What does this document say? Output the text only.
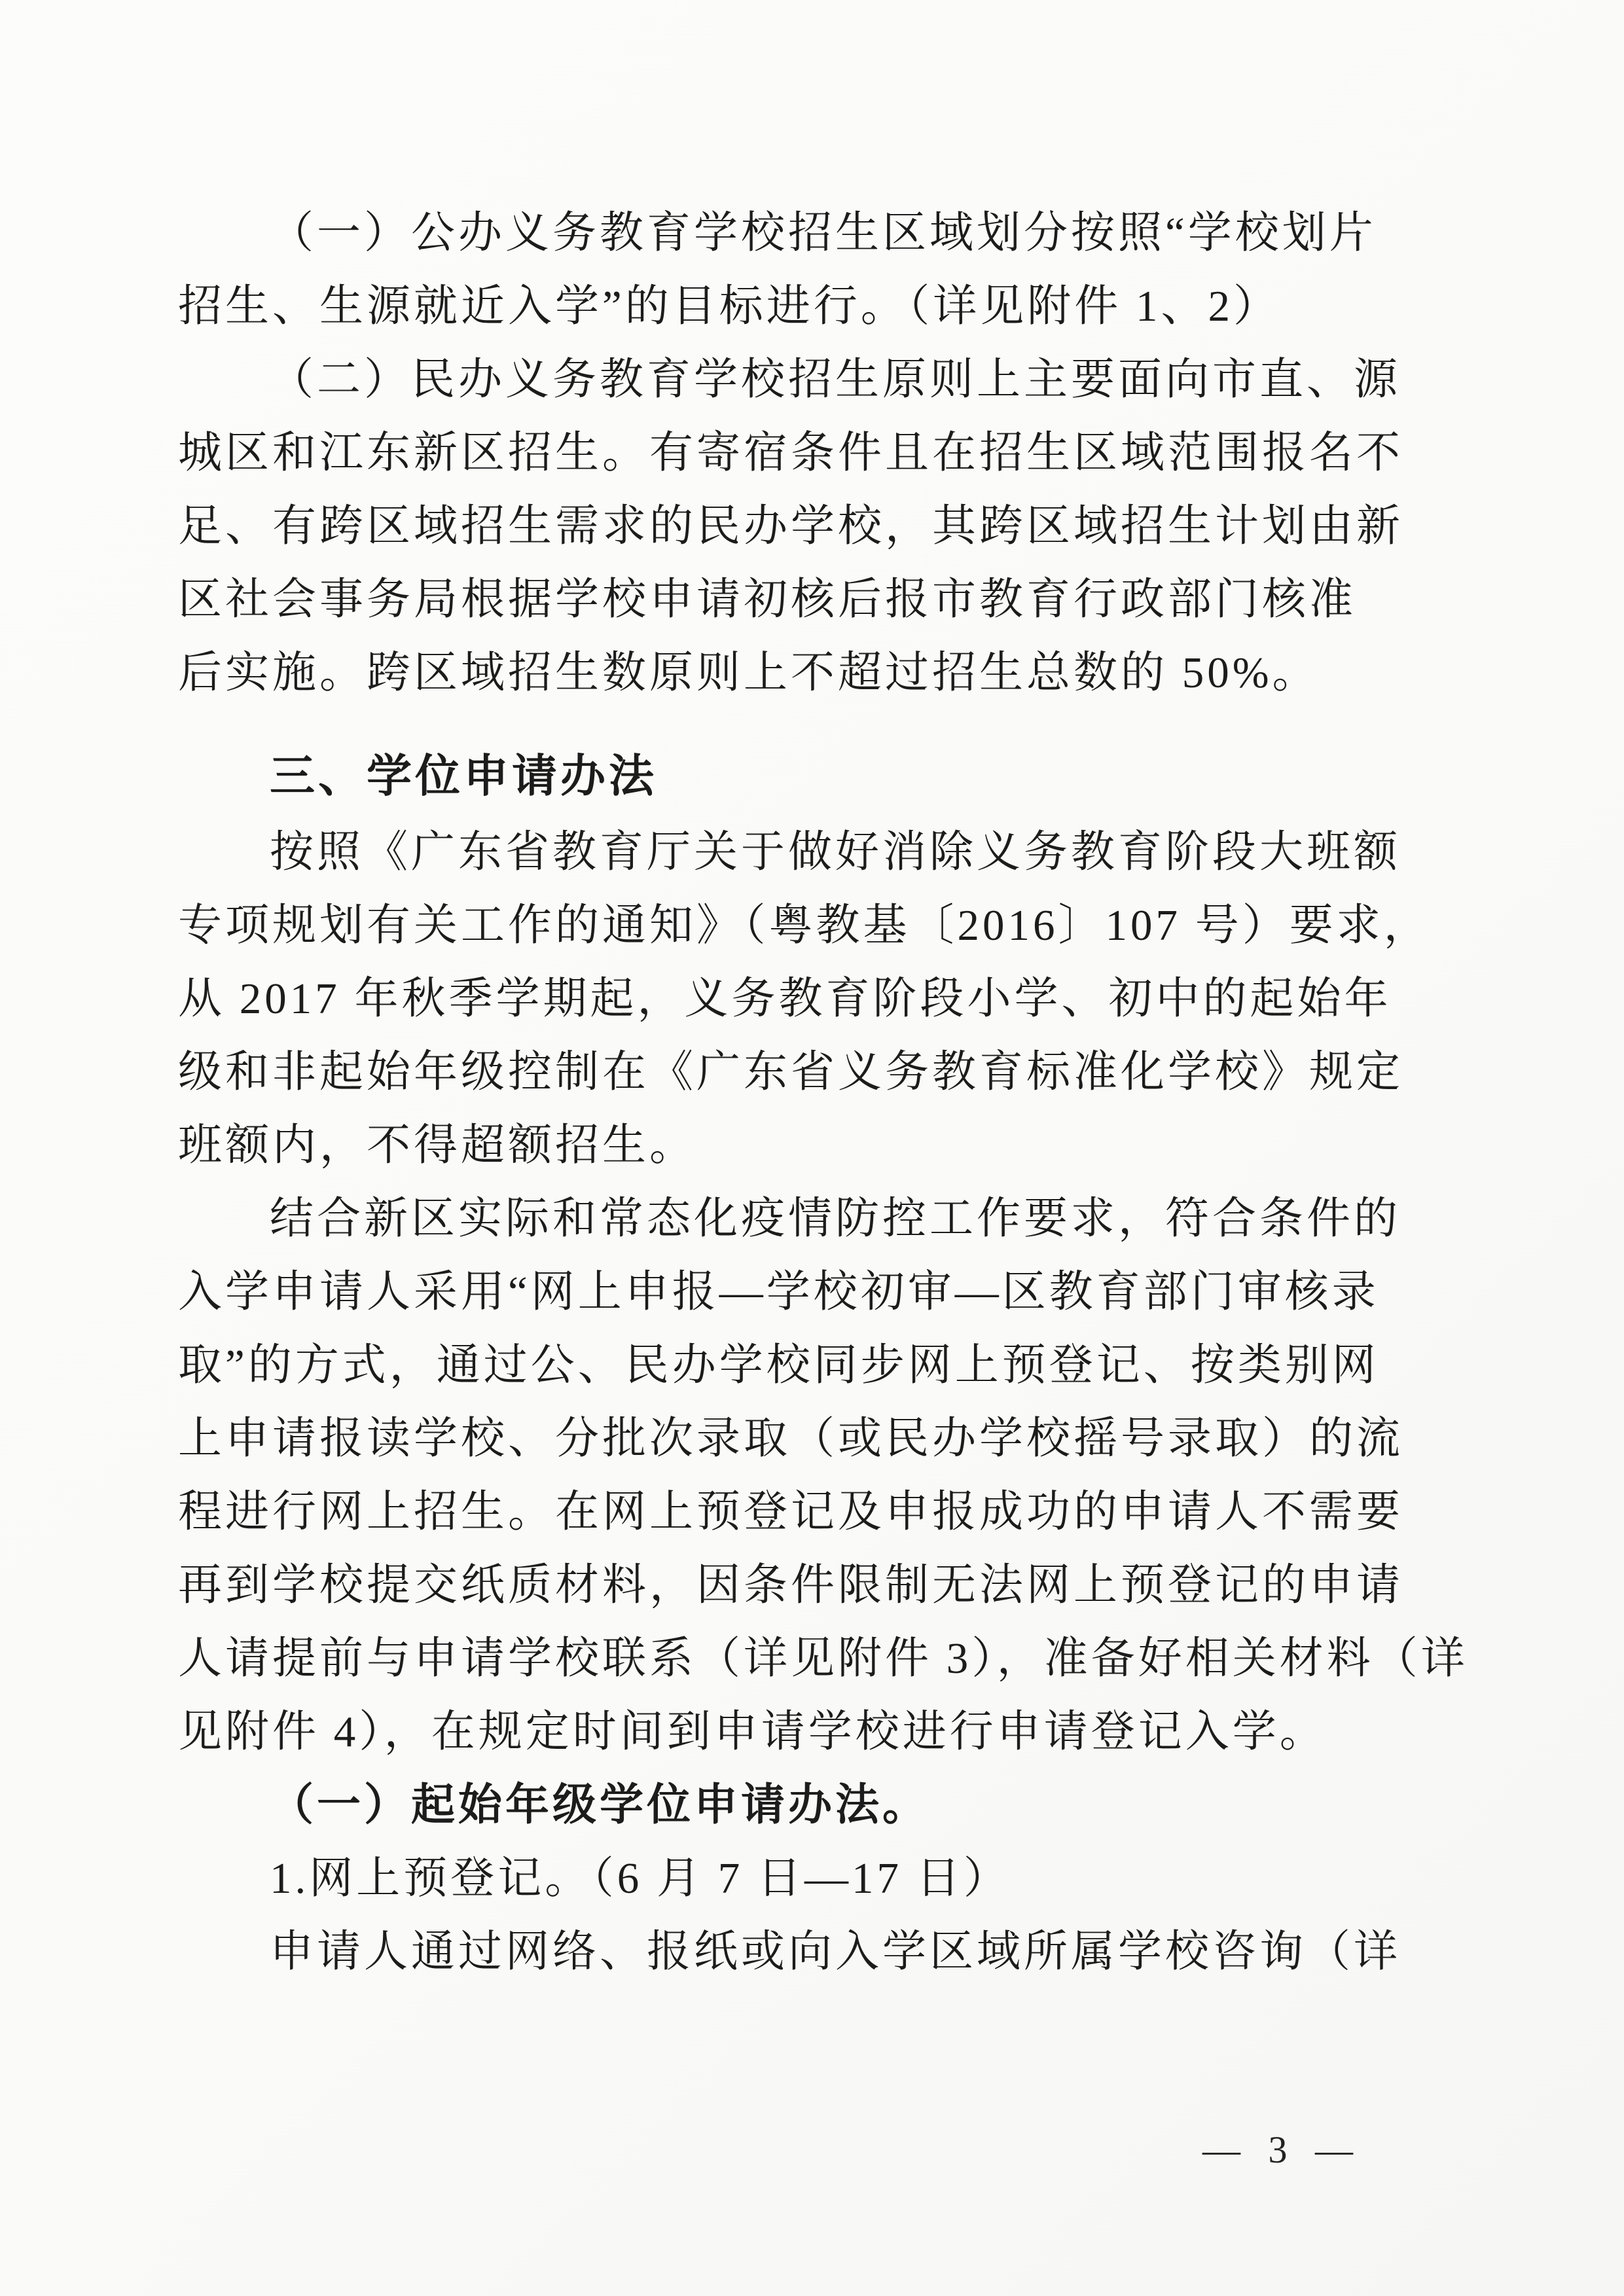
（一）公办义务教育学校招生区域划分按照“学校划片
招生、生源就近入学”的目标进行。（详见附件 1、2）
（二）民办义务教育学校招生原则上主要面向市直、源
城区和江东新区招生。有寄宿条件且在招生区域范围报名不
足、有跨区域招生需求的民办学校，其跨区域招生计划由新
区社会事务局根据学校申请初核后报市教育行政部门核准
后实施。跨区域招生数原则上不超过招生总数的 50%。
三、学位申请办法
按照《广东省教育厅关于做好消除义务教育阶段大班额
专项规划有关工作的通知》（粤教基〔2016〕107 号）要求，
从 2017 年秋季学期起，义务教育阶段小学、初中的起始年
级和非起始年级控制在《广东省义务教育标准化学校》规定
班额内，不得超额招生。
结合新区实际和常态化疫情防控工作要求，符合条件的
入学申请人采用“网上申报—学校初审—区教育部门审核录
取”的方式，通过公、民办学校同步网上预登记、按类别网
上申请报读学校、分批次录取（或民办学校摇号录取）的流
程进行网上招生。在网上预登记及申报成功的申请人不需要
再到学校提交纸质材料，因条件限制无法网上预登记的申请
人请提前与申请学校联系（详见附件 3），准备好相关材料（详
见附件 4），在规定时间到申请学校进行申请登记入学。
（一）起始年级学位申请办法。
1.网上预登记。（6 月 7 日—17 日）
申请人通过网络、报纸或向入学区域所属学校咨询（详
— 3 —
